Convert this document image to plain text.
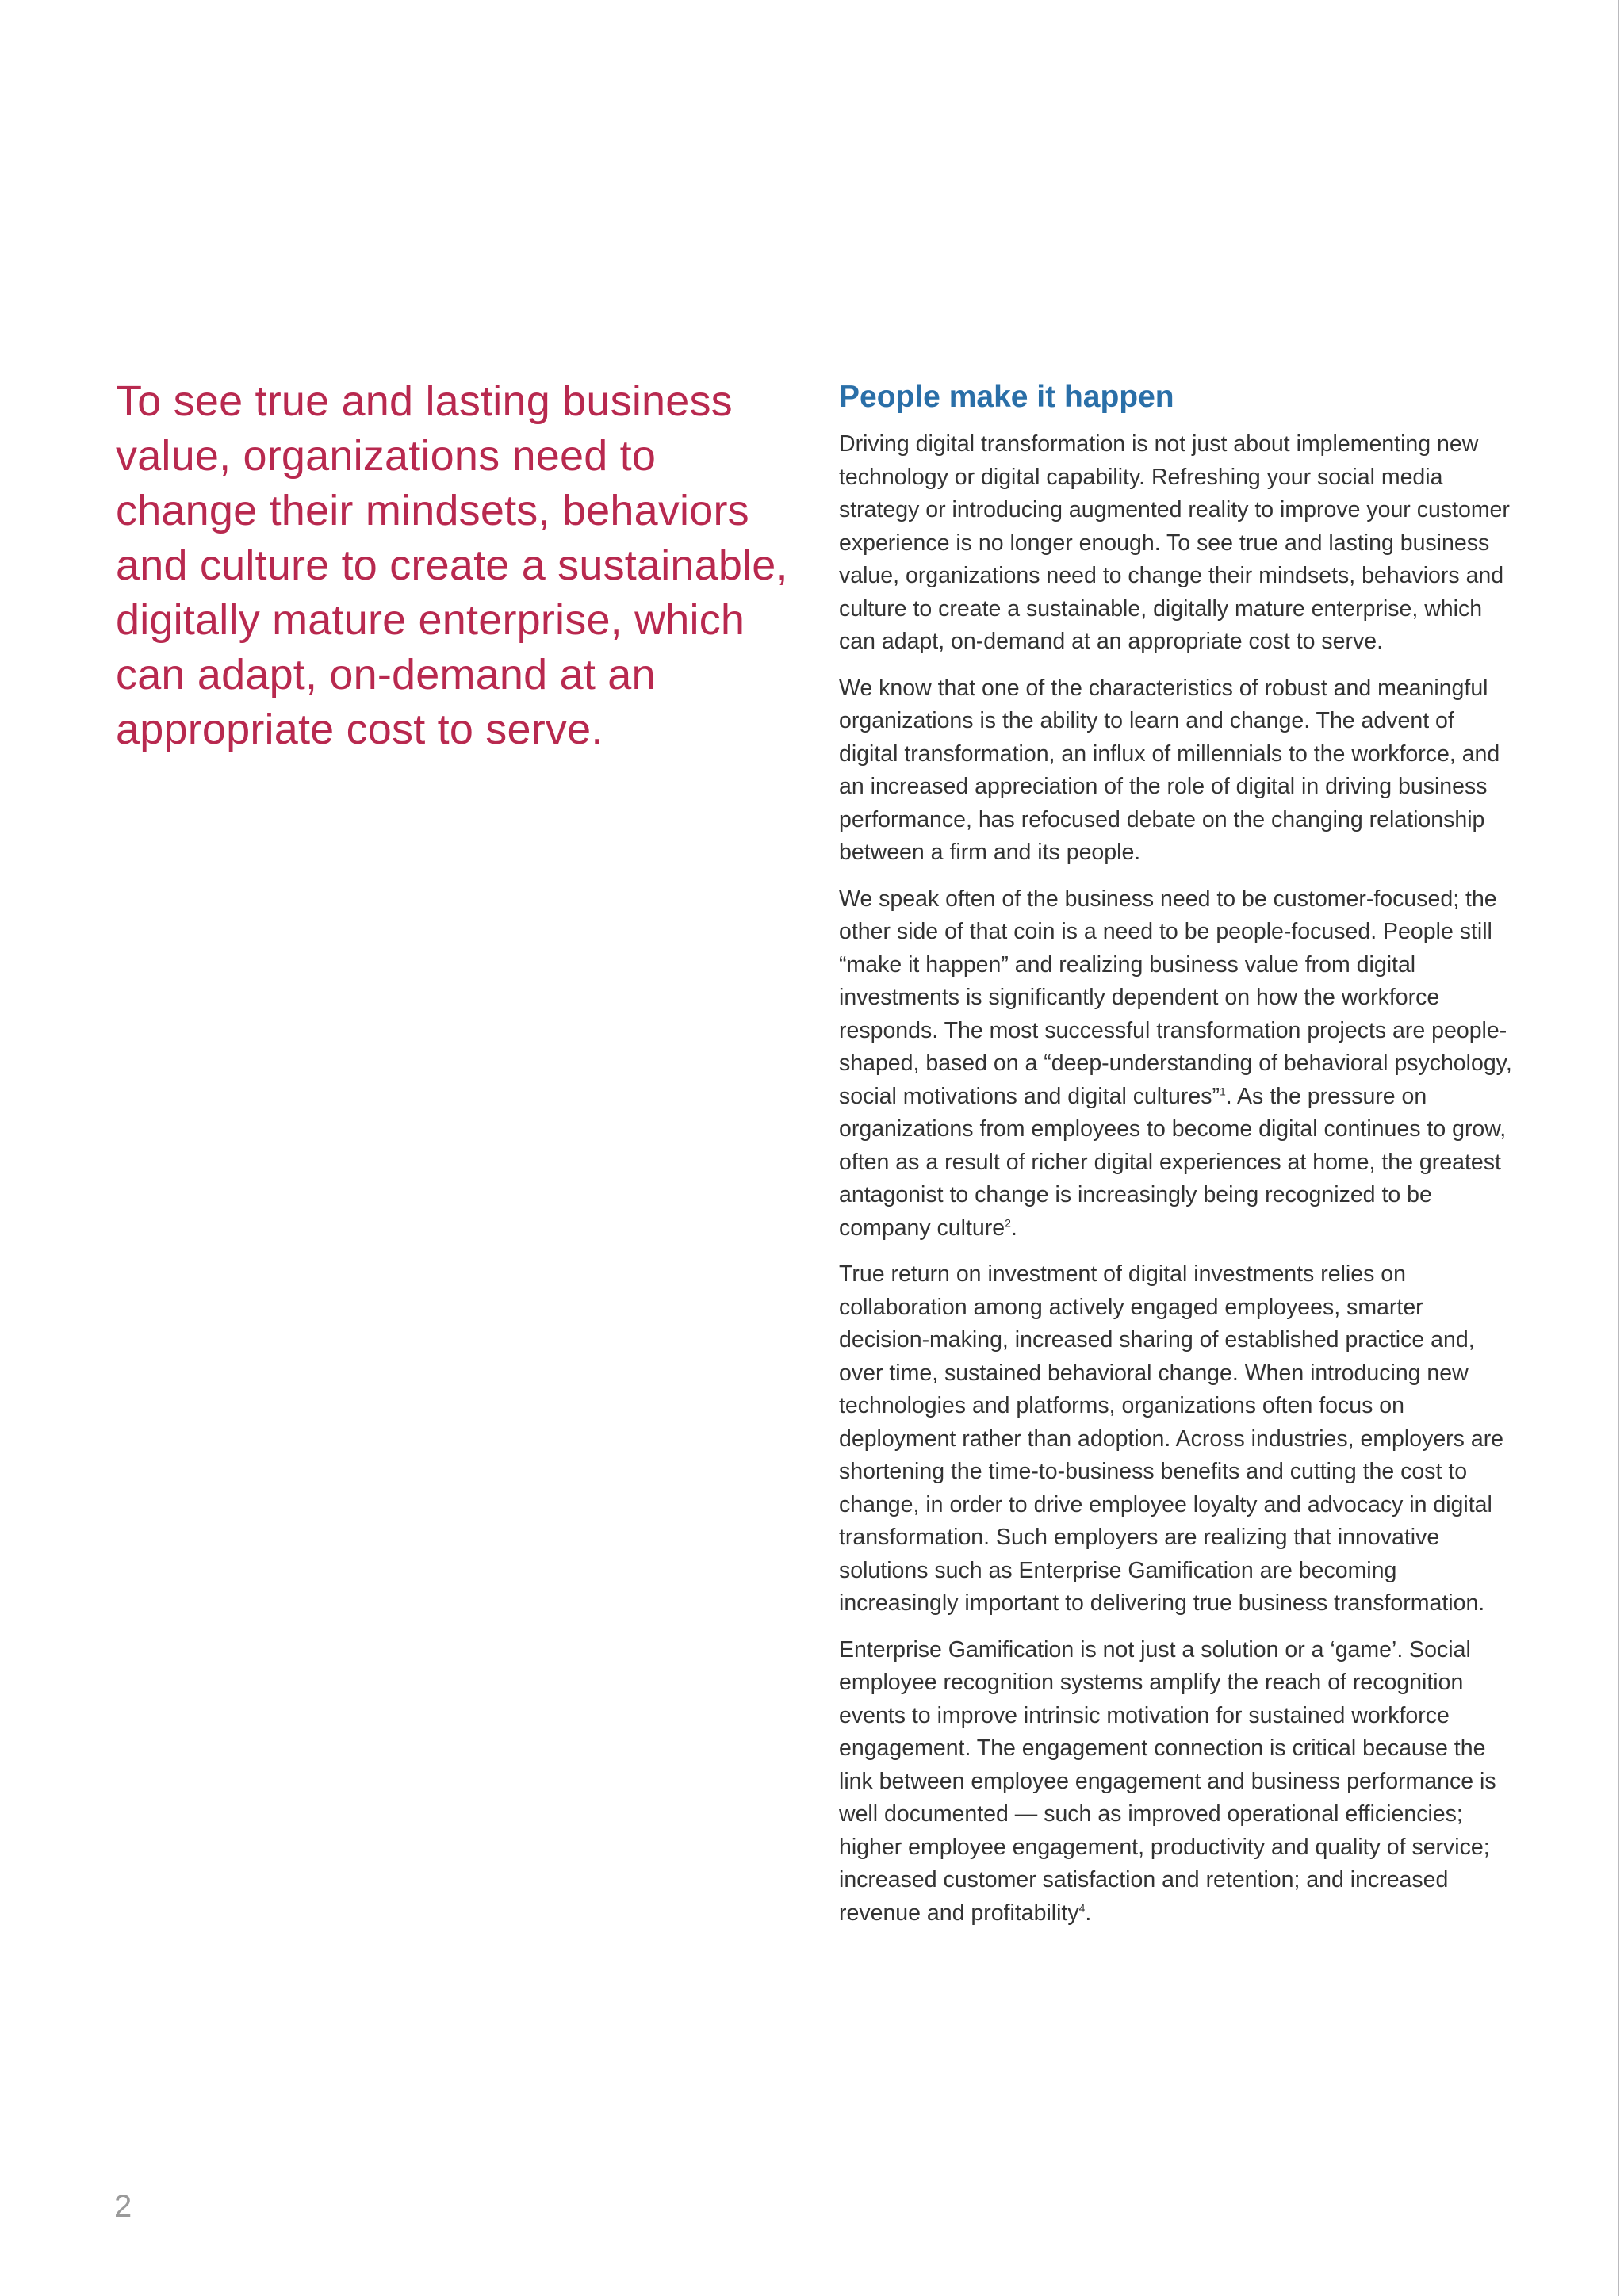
To see true and lasting business value, organizations need to change their mindsets, behaviors and culture to create a sustainable, digitally mature enterprise, which can adapt, on-demand at an appropriate cost to serve.

People make it happen

Driving digital transformation is not just about implementing new technology or digital capability. Refreshing your social media strategy or introducing augmented reality to improve your customer experience is no longer enough. To see true and lasting business value, organizations need to change their mindsets, behaviors and culture to create a sustainable, digitally mature enterprise, which can adapt, on-demand at an appropriate cost to serve.

We know that one of the characteristics of robust and meaningful organizations is the ability to learn and change. The advent of digital transformation, an influx of millennials to the workforce, and an increased appreciation of the role of digital in driving business performance, has refocused debate on the changing relationship between a firm and its people.

We speak often of the business need to be customer-focused; the other side of that coin is a need to be people-focused. People still “make it happen” and realizing business value from digital investments is significantly dependent on how the workforce responds. The most successful transformation projects are people-shaped, based on a “deep-understanding of behavioral psychology, social motivations and digital cultures”$^1$. As the pressure on organizations from employees to become digital continues to grow, often as a result of richer digital experiences at home, the greatest antagonist to change is increasingly being recognized to be company culture$^2$.

True return on investment of digital investments relies on collaboration among actively engaged employees, smarter decision-making, increased sharing of established practice and, over time, sustained behavioral change. When introducing new technologies and platforms, organizations often focus on deployment rather than adoption. Across industries, employers are shortening the time-to-business benefits and cutting the cost to change, in order to drive employee loyalty and advocacy in digital transformation. Such employers are realizing that innovative solutions such as Enterprise Gamification are becoming increasingly important to delivering true business transformation.

Enterprise Gamification is not just a solution or a ‘game’. Social employee recognition systems amplify the reach of recognition events to improve intrinsic motivation for sustained workforce engagement. The engagement connection is critical because the link between employee engagement and business performance is well documented — such as improved operational efficiencies; higher employee engagement, productivity and quality of service; increased customer satisfaction and retention; and increased revenue and profitability$^4$.

2
